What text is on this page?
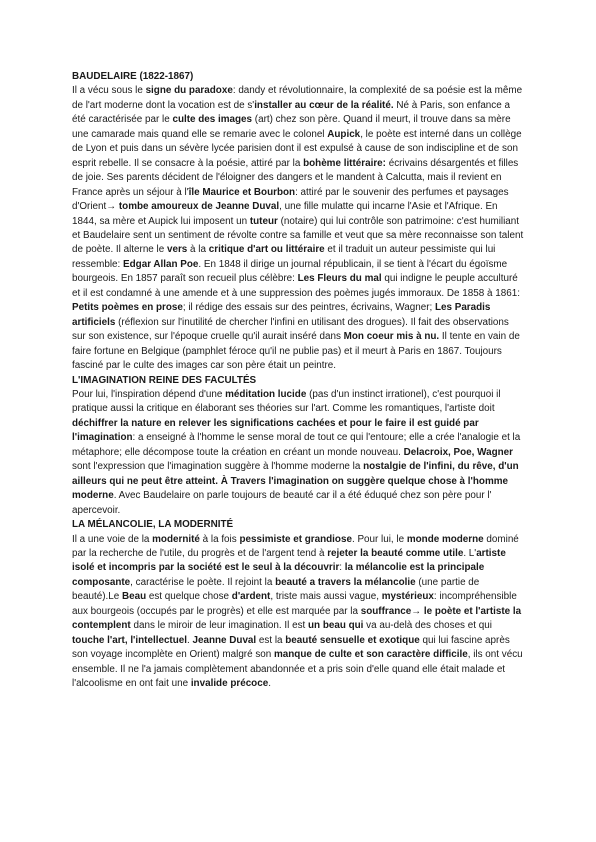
BAUDELAIRE (1822-1867)

Il a vécu sous le signe du paradoxe: dandy et révolutionnaire, la complexité de sa poésie est la même de l'art moderne dont la vocation est de s'installer au cœur de la réalité. Né à Paris, son enfance a été caractérisée par le culte des images (art) chez son père. Quand il meurt, il trouve dans sa mère une camarade mais quand elle se remarie avec le colonel Aupick, le poète est interné dans un collège de Lyon et puis dans un sévère lycée parisien dont il est expulsé à cause de son indiscipline et de son esprit rebelle. Il se consacre à la poésie, attiré par la bohème littéraire: écrivains désargentés et filles de joie. Ses parents décident de l'éloigner des dangers et le mandent à Calcutta, mais il revient en France après un séjour à l'île Maurice et Bourbon: attiré par le souvenir des perfumes et paysages d'Orient→ tombe amoureux de Jeanne Duval, une fille mulatte qui incarne l'Asie et l'Afrique. En 1844, sa mère et Aupick lui imposent un tuteur (notaire) qui lui contrôle son patrimoine: c'est humiliant et Baudelaire sent un sentiment de révolte contre sa famille et veut que sa mère reconnaisse son talent de poète. Il alterne le vers à la critique d'art ou littéraire et il traduit un auteur pessimiste qui lui ressemble: Edgar Allan Poe. En 1848 il dirige un journal républicain, il se tient à l'écart du égoïsme bourgeois. En 1857 paraît son recueil plus célèbre: Les Fleurs du mal qui indigne le peuple acculturé et il est condamné à une amende et à une suppression des poèmes jugés immoraux. De 1858 à 1861: Petits poèmes en prose; il rédige des essais sur des peintres, écrivains, Wagner; Les Paradis artificiels (réflexion sur l'inutilité de chercher l'infini en utilisant des drogues). Il fait des observations sur son existence, sur l'époque cruelle qu'il aurait inséré dans Mon coeur mis à nu. Il tente en vain de faire fortune en Belgique (pamphlet féroce qu'il ne publie pas) et il meurt à Paris en 1867. Toujours fasciné par le culte des images car son père était un peintre.

L'IMAGINATION REINE DES FACULTÉS

Pour lui, l'inspiration dépend d'une méditation lucide (pas d'un instinct irrationel), c'est pourquoi il pratique aussi la critique en élaborant ses théories sur l'art. Comme les romantiques, l'artiste doit déchiffrer la nature en relever les significations cachées et pour le faire il est guidé par l'imagination: a enseigné à l'homme le sense moral de tout ce qui l'entoure; elle a crée l'analogie et la métaphore; elle décompose toute la création en créant un monde nouveau. Delacroix, Poe, Wagner sont l'expression que l'imagination suggère à l'homme moderne la nostalgie de l'infini, du rêve, d'un ailleurs qui ne peut être atteint. À Travers l'imagination on suggère quelque chose à l'homme moderne. Avec Baudelaire on parle toujours de beauté car il a été éduqué chez son père pour l' apercevoir.

LA MÉLANCOLIE, LA MODERNITÉ

Il a une voie de la modernité à la fois pessimiste et grandiose. Pour lui, le monde moderne dominé par la recherche de l'utile, du progrès et de l'argent tend à rejeter la beauté comme utile. L'artiste isolé et incompris par la société est le seul à la découvrir: la mélancolie est la principale composante, caractérise le poète. Il rejoint la beauté a travers la mélancolie (une partie de beauté).Le Beau est quelque chose d'ardent, triste mais aussi vague, mystérieux: incompréhensible aux bourgeois (occupés par le progrès) et elle est marquée par la souffrance→ le poète et l'artiste la contemplent dans le miroir de leur imagination. Il est un beau qui va au-delà des choses et qui touche l'art, l'intellectuel. Jeanne Duval est la beauté sensuelle et exotique qui lui fascine après son voyage incomplète en Orient) malgré son manque de culte et son caractère difficile, ils ont vécu ensemble. Il ne l'a jamais complètement abandonnée et a pris soin d'elle quand elle était malade et l'alcoolisme en ont fait une invalide précoce.
